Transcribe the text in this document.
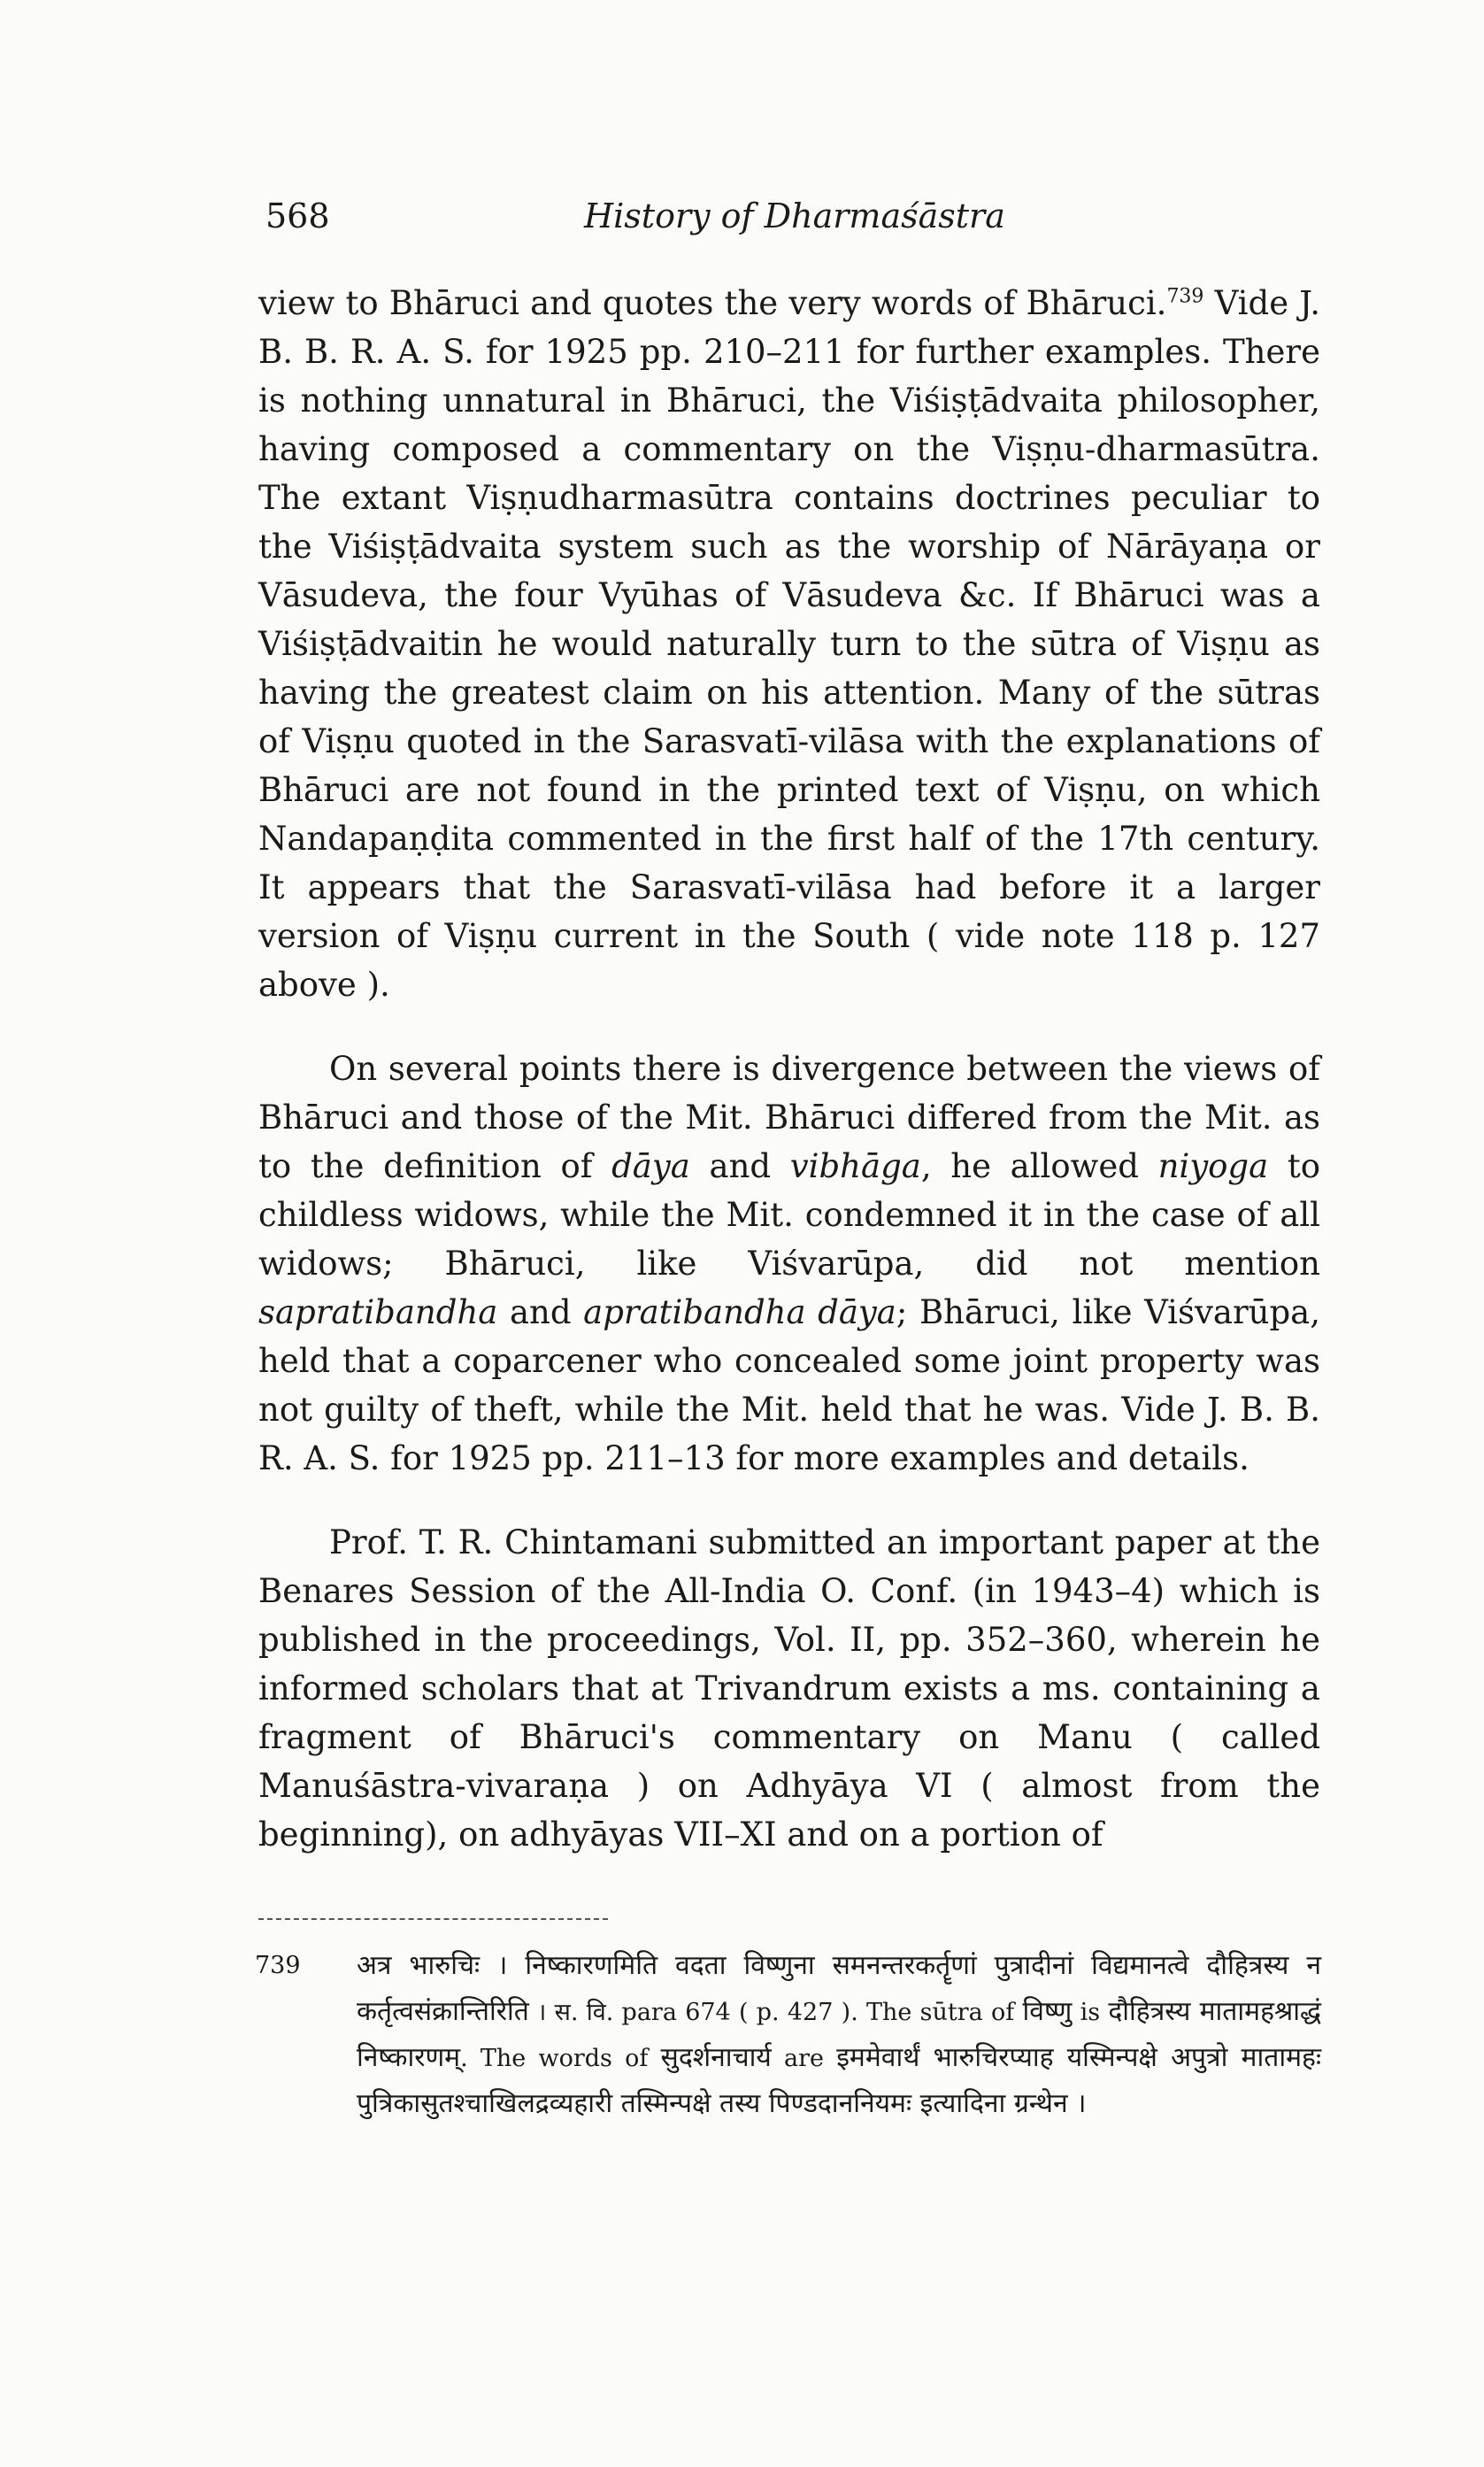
568	History of Dharmaśāstra

view to Bhāruci and quotes the very words of Bhāruci.$^{739}$ Vide J. B. B. R. A. S. for 1925 pp. 210–211 for further examples. There is nothing unnatural in Bhāruci, the Viśiṣṭādvaita philosopher, having composed a commentary on the Viṣṇu-dharmasūtra. The extant Viṣṇudharmasūtra contains doctrines peculiar to the Viśiṣṭādvaita system such as the worship of Nārāyaṇa or Vāsudeva, the four Vyūhas of Vāsudeva &c. If Bhāruci was a Viśiṣṭādvaitin he would naturally turn to the sūtra of Viṣṇu as having the greatest claim on his attention. Many of the sūtras of Viṣṇu quoted in the Sarasvatī-vilāsa with the explanations of Bhāruci are not found in the printed text of Viṣṇu, on which Nandapaṇḍita commented in the first half of the 17th century. It appears that the Sarasvatī-vilāsa had before it a larger version of Viṣṇu current in the South ( vide note 118 p. 127 above ).

On several points there is divergence between the views of Bhāruci and those of the Mit. Bhāruci differed from the Mit. as to the definition of dāya and vibhāga, he allowed niyoga to childless widows, while the Mit. condemned it in the case of all widows; Bhāruci, like Viśvarūpa, did not mention sapratibandha and apratibandha dāya; Bhāruci, like Viśvarūpa, held that a coparcener who concealed some joint property was not guilty of theft, while the Mit. held that he was. Vide J. B. B. R. A. S. for 1925 pp. 211–13 for more examples and details.

Prof. T. R. Chintamani submitted an important paper at the Benares Session of the All-India O. Conf. (in 1943–4) which is published in the proceedings, Vol. II, pp. 352–360, wherein he informed scholars that at Trivandrum exists a ms. containing a fragment of Bhāruci's commentary on Manu ( called Manuśāstra-vivaraṇa ) on Adhyāya VI ( almost from the beginning), on adhyāyas VII–XI and on a portion of

739 अत्र भारुचिः । निष्कारणमिति वदता विष्णुना समनन्तरकर्तॄणां पुत्रादीनां विद्यमानत्वे दौहित्रस्य न कर्तृत्वसंक्रान्तिरिति । स. वि. para 674 ( p. 427 ). The sūtra of विष्णु is दौहित्रस्य मातामहश्राद्धं निष्कारणम्. The words of सुदर्शनाचार्य are इममेवार्थं भारुचिरप्याह यस्मिन्पक्षे अपुत्रो मातामहः पुत्रिकासुतश्चाखिलद्रव्यहारी तस्मिन्पक्षे तस्य पिण्डदाननियमः इत्यादिना ग्रन्थेन ।
